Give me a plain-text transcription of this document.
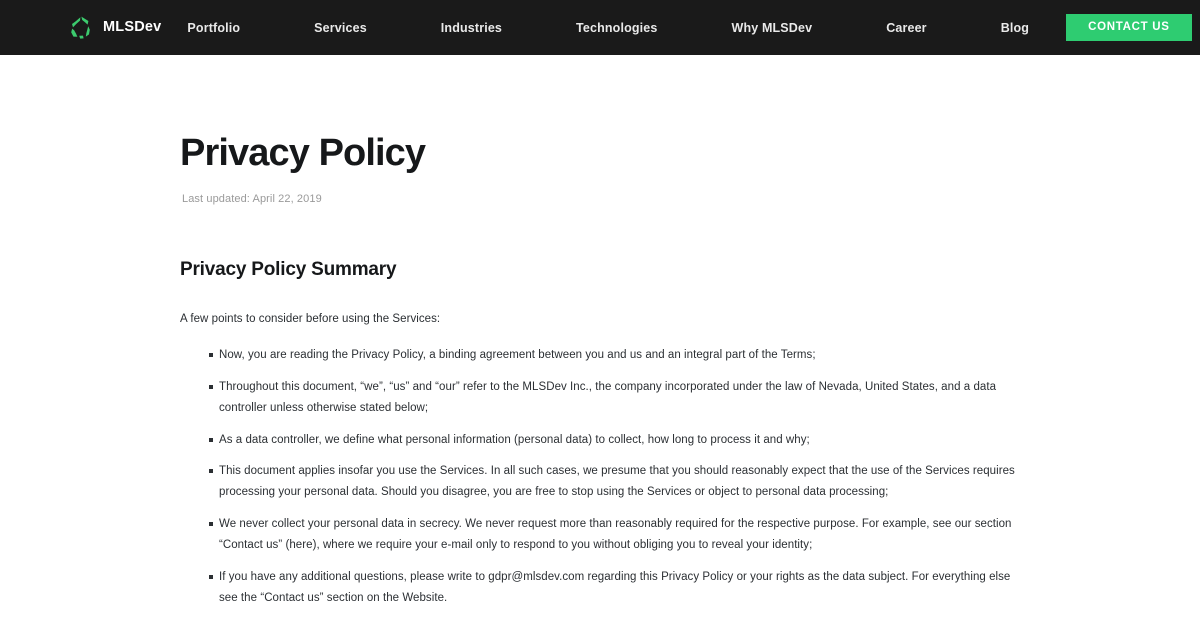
MLSDev Portfolio	Services	Industries	Technologies	Why MLSDev	Career	Blog	CONTACT US
Privacy Policy

Last updated: April 22, 2019

Privacy Policy Summary

A few points to consider before using the Services:

Now, you are reading the Privacy Policy, a binding agreement between you and us and an integral part of the Terms;
Throughout this document, “we”, “us” and “our” refer to the MLSDev Inc., the company incorporated under the law of Nevada, United States, and a data controller unless otherwise stated below;
As a data controller, we define what personal information (personal data) to collect, how long to process it and why;
This document applies insofar you use the Services. In all such cases, we presume that you should reasonably expect that the use of the Services requires processing your personal data. Should you disagree, you are free to stop using the Services or object to personal data processing;
We never collect your personal data in secrecy. We never request more than reasonably required for the respective purpose. For example, see our section “Contact us” (here), where we require your e-mail only to respond to you without obliging you to reveal your identity;
If you have any additional questions, please write to gdpr@mlsdev.com regarding this Privacy Policy or your rights as the data subject. For everything else see the “Contact us” section on the Website.
